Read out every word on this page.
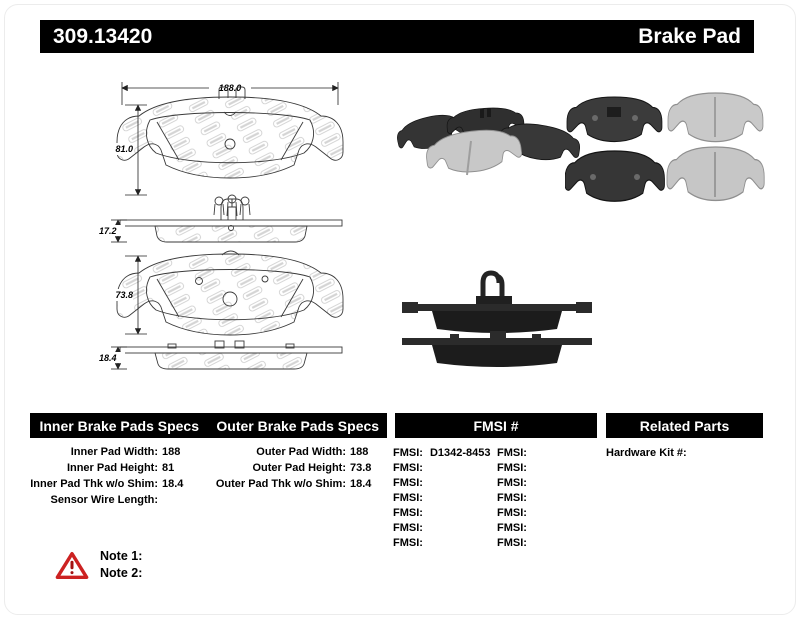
309.13420	Brake Pad
188.0
81.0
17.2
73.8
18.4
Inner Brake Pads Specs	Outer Brake Pads Specs	FMSI #	Related Parts
Inner Pad Width: 188
Inner Pad Height: 81
Inner Pad Thk w/o Shim: 18.4
Sensor Wire Length:
Outer Pad Width: 188
Outer Pad Height: 73.8
Outer Pad Thk w/o Shim: 18.4
FMSI: D1342-8453 FMSI:
FMSI:	FMSI:
FMSI:	FMSI:
FMSI:	FMSI:
FMSI:	FMSI:
FMSI:	FMSI:
FMSI:	FMSI:
Hardware Kit #:
Note 1:
Note 2:
